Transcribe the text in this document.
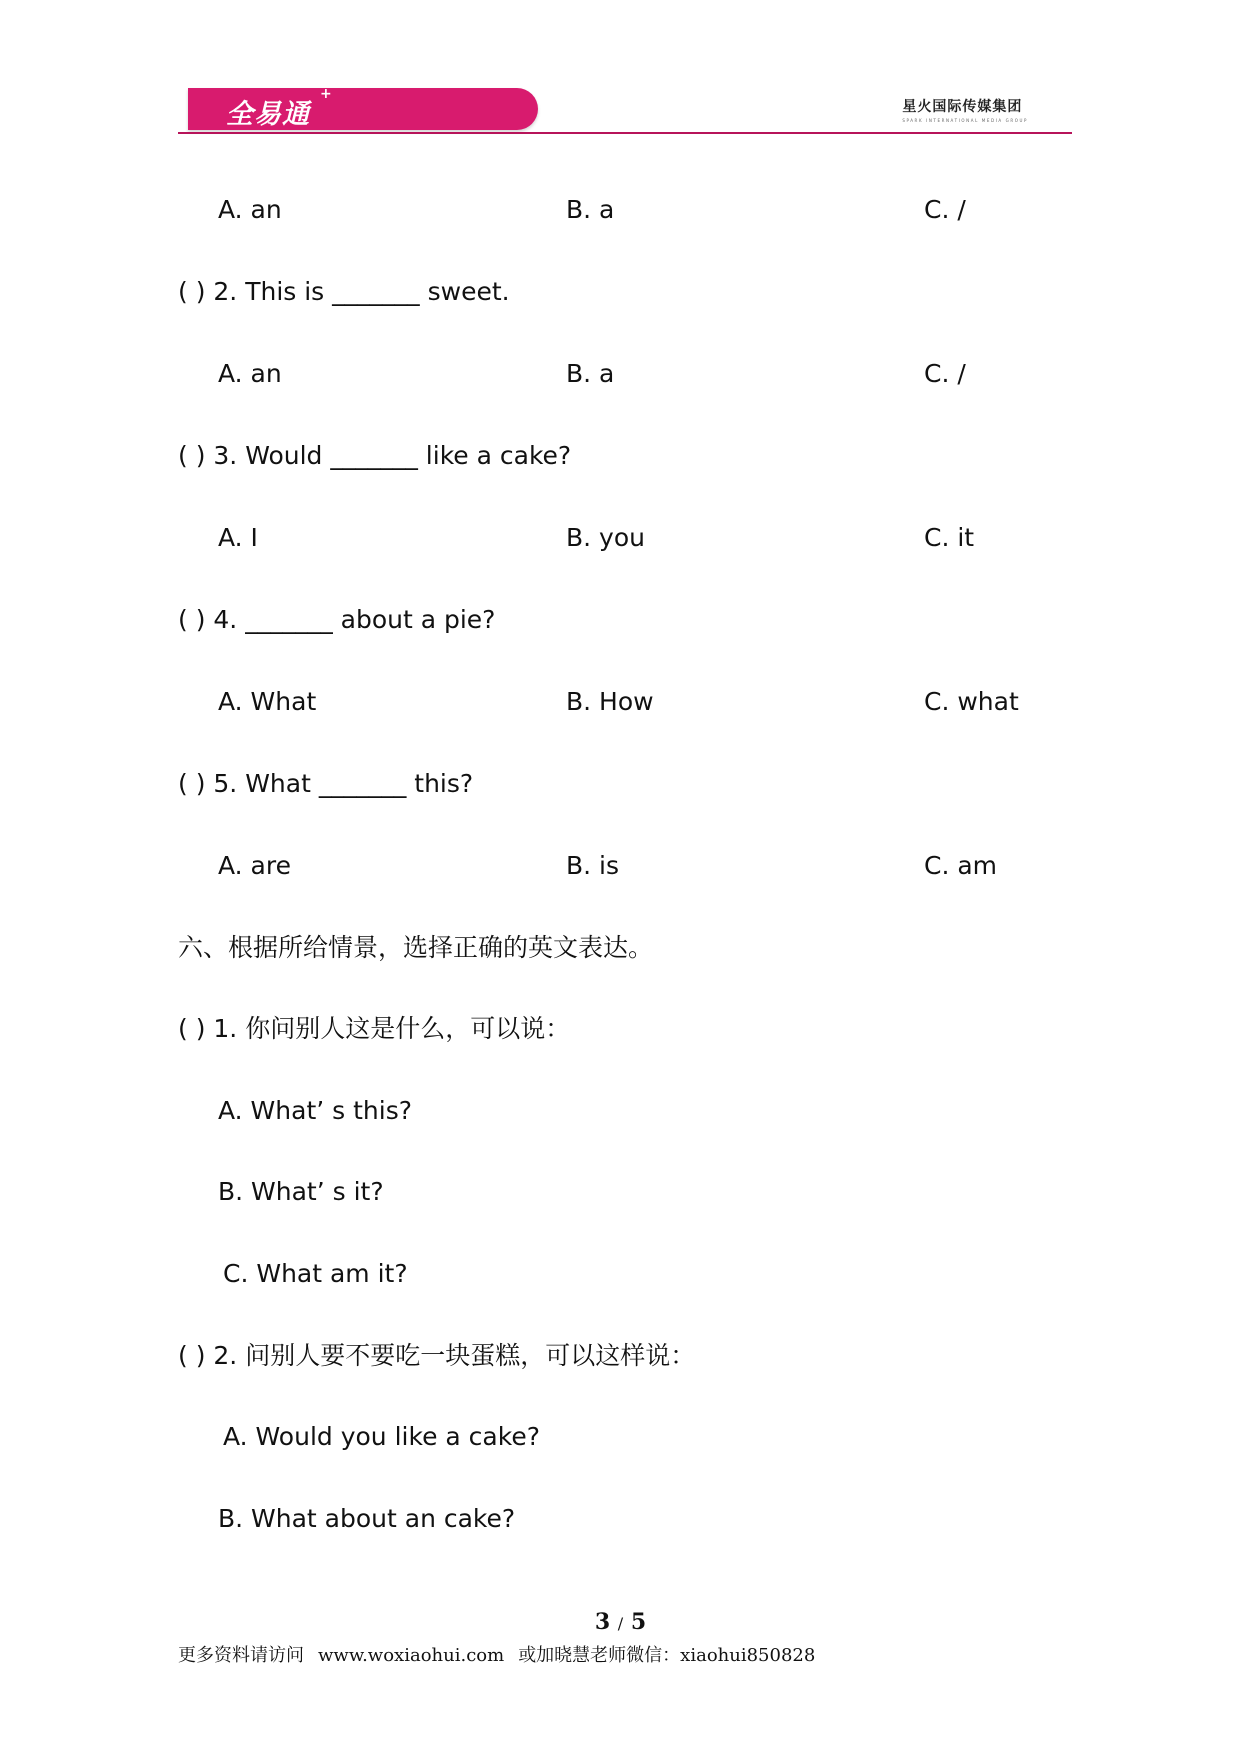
全易通
+
星火国际传媒集团
SPARK INTERNATIONAL MEDIA GROUP
A. an	B. a	C. /
( ) 2. This is _______ sweet.
A. an	B. a	C. /
( ) 3. Would _______ like a cake?
A. I	B. you	C. it
( ) 4. _______ about a pie?
A. What	B. How	C. what
( ) 5. What _______ this?
A. are	B. is	C. am
六、根据所给情景，选择正确的英文表达。
( ) 1. 你问别人这是什么，可以说：
A. What’ s this?
B. What’ s it?
C. What am it?
( ) 2. 问别人要不要吃一块蛋糕，可以这样说：
A. Would you like a cake?
B. What about an cake?
3 / 5
更多资料请访问 www.woxiaohui.com 或加晓慧老师微信：xiaohui850828
